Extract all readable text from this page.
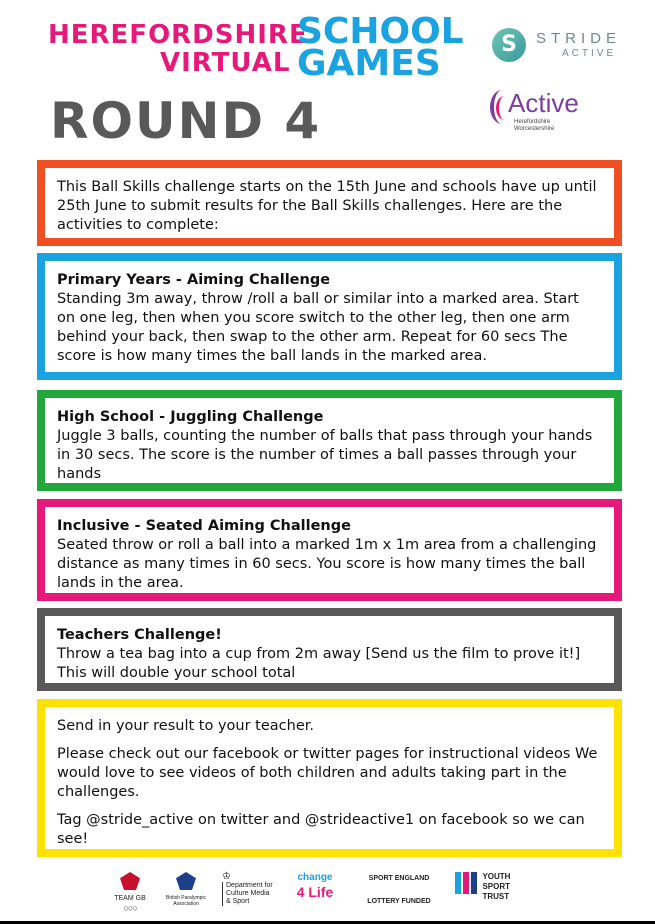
HEREFORDSHIRE
VIRTUAL
SCHOOL
GAMES
ROUND 4
S	STRIDE
ACTIVE
Active
Herefordshire
Worcestershire

This Ball Skills challenge starts on the 15th June and schools have up until 25th June to submit results for the Ball Skills challenges. Here are the activities to complete:

Primary Years - Aiming Challenge

Standing 3m away, throw /roll a ball or similar into a marked area. Start on one leg, then when you score switch to the other leg, then one arm behind your back, then swap to the other arm. Repeat for 60 secs The score is how many times the ball lands in the marked area.

High School - Juggling Challenge

Juggle 3 balls, counting the number of balls that pass through your hands in 30 secs. The score is the number of times a ball passes through your hands

Inclusive - Seated Aiming Challenge

Seated throw or roll a ball into a marked 1m x 1m area from a challenging distance as many times in 60 secs. You score is how many times the ball lands in the area.

Teachers Challenge!

Throw a tea bag into a cup from 2m away [Send us the film to prove it!] This will double your school total

Send in your result to your teacher.

Please check out our facebook or twitter pages for instructional videos We would love to see videos of both children and adults taking part in the challenges.

Tag @stride_active on twitter and @strideactive1 on facebook so we can see!

TEAM GB
○○○
British Paralympic Association
♔
Department for Culture Media & Sport
change
4 Life
SPORT ENGLAND
LOTTERY FUNDED
YOUTH SPORT TRUST
